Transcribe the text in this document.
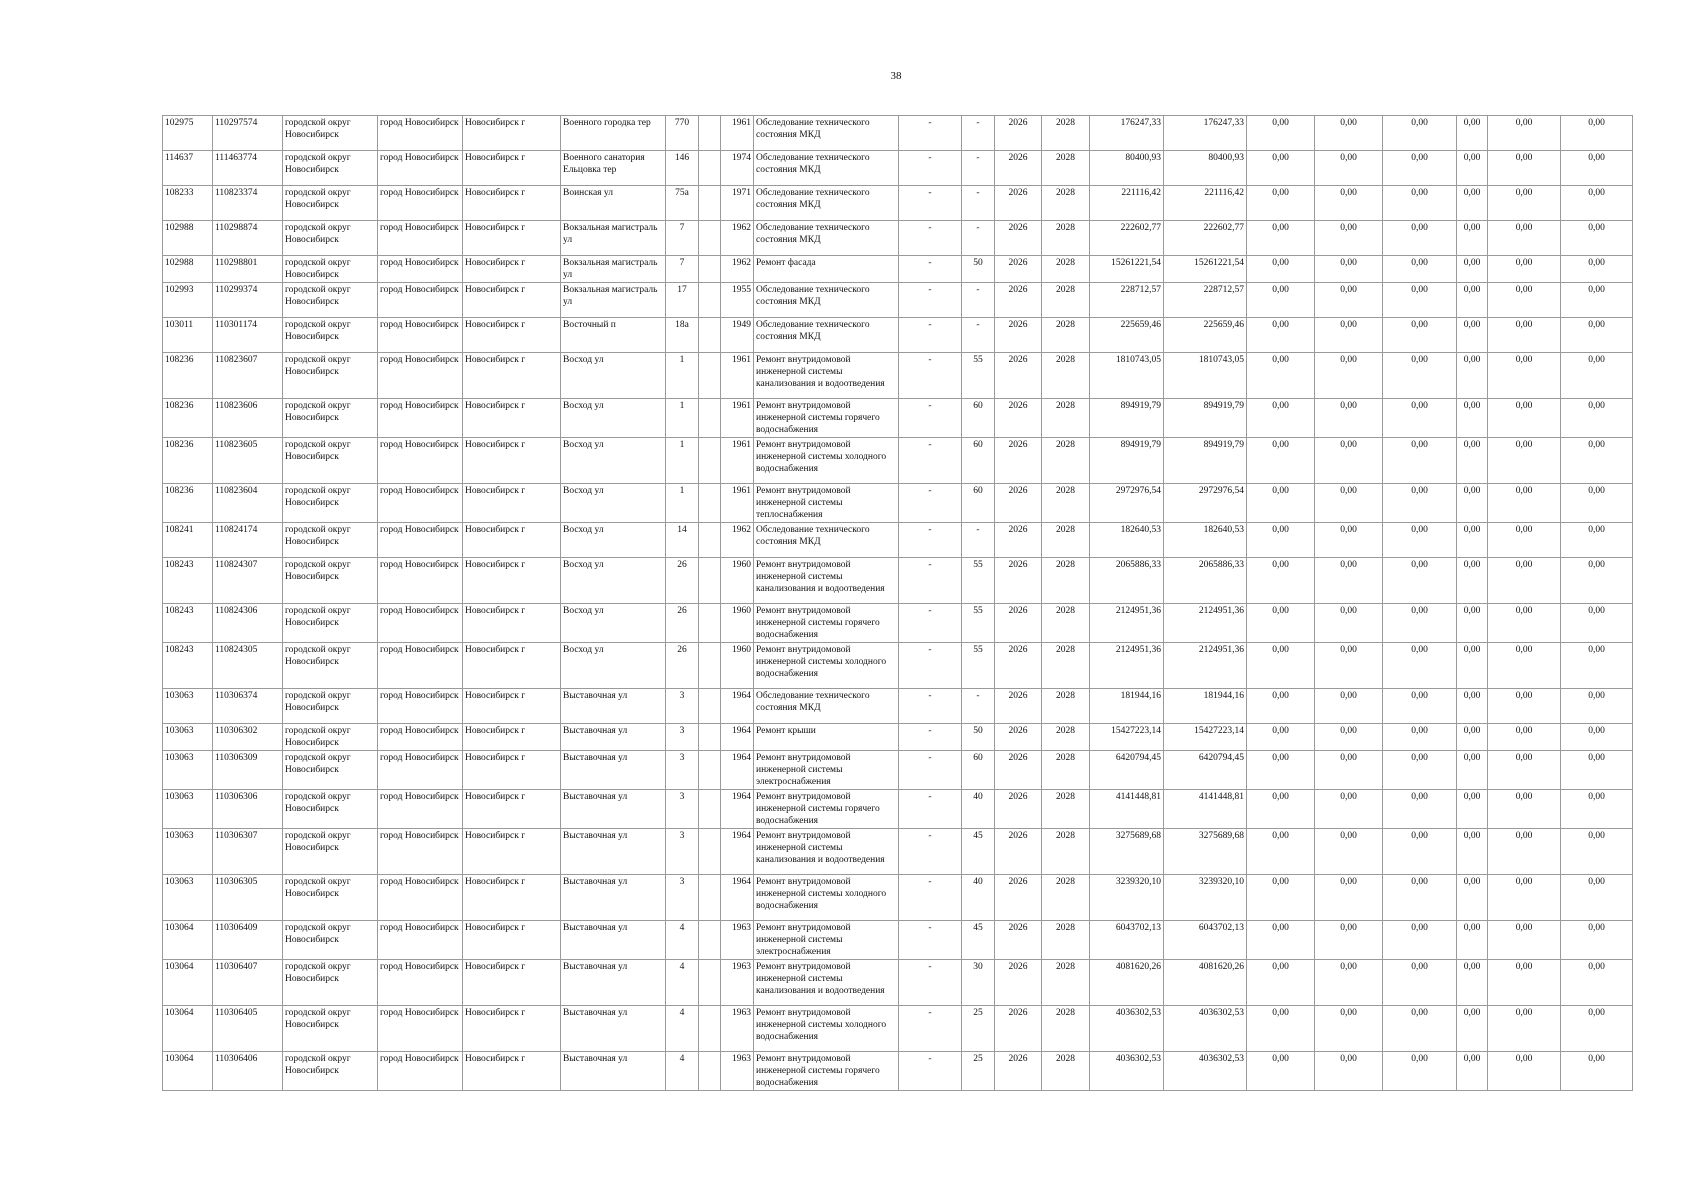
38
102975	110297574	городской округ Новосибирск	город Новосибирск	Новосибирск г	Военного городка тер	770		1961	Обследование технического состояния МКД	-	-	2026	2028	176247,33	176247,33	0,00	0,00	0,00	0,00	0,00	0,00
114637	111463774	городской округ Новосибирск	город Новосибирск	Новосибирск г	Военного санатория Ельцовка тер	146		1974	Обследование технического состояния МКД	-	-	2026	2028	80400,93	80400,93	0,00	0,00	0,00	0,00	0,00	0,00
108233	110823374	городской округ Новосибирск	город Новосибирск	Новосибирск г	Воинская ул	75а		1971	Обследование технического состояния МКД	-	-	2026	2028	221116,42	221116,42	0,00	0,00	0,00	0,00	0,00	0,00
102988	110298874	городской округ Новосибирск	город Новосибирск	Новосибирск г	Вокзальная магистраль ул	7		1962	Обследование технического состояния МКД	-	-	2026	2028	222602,77	222602,77	0,00	0,00	0,00	0,00	0,00	0,00
102988	110298801	городской округ Новосибирск	город Новосибирск	Новосибирск г	Вокзальная магистраль ул	7		1962	Ремонт фасада	-	50	2026	2028	15261221,54	15261221,54	0,00	0,00	0,00	0,00	0,00	0,00
102993	110299374	городской округ Новосибирск	город Новосибирск	Новосибирск г	Вокзальная магистраль ул	17		1955	Обследование технического состояния МКД	-	-	2026	2028	228712,57	228712,57	0,00	0,00	0,00	0,00	0,00	0,00
103011	110301174	городской округ Новосибирск	город Новосибирск	Новосибирск г	Восточный п	18а		1949	Обследование технического состояния МКД	-	-	2026	2028	225659,46	225659,46	0,00	0,00	0,00	0,00	0,00	0,00
108236	110823607	городской округ Новосибирск	город Новосибирск	Новосибирск г	Восход ул	1		1961	Ремонт внутридомовой инженерной системы канализования и водоотведения	-	55	2026	2028	1810743,05	1810743,05	0,00	0,00	0,00	0,00	0,00	0,00
108236	110823606	городской округ Новосибирск	город Новосибирск	Новосибирск г	Восход ул	1		1961	Ремонт внутридомовой инженерной системы горячего водоснабжения	-	60	2026	2028	894919,79	894919,79	0,00	0,00	0,00	0,00	0,00	0,00
108236	110823605	городской округ Новосибирск	город Новосибирск	Новосибирск г	Восход ул	1		1961	Ремонт внутридомовой инженерной системы холодного водоснабжения	-	60	2026	2028	894919,79	894919,79	0,00	0,00	0,00	0,00	0,00	0,00
108236	110823604	городской округ Новосибирск	город Новосибирск	Новосибирск г	Восход ул	1		1961	Ремонт внутридомовой инженерной системы теплоснабжения	-	60	2026	2028	2972976,54	2972976,54	0,00	0,00	0,00	0,00	0,00	0,00
108241	110824174	городской округ Новосибирск	город Новосибирск	Новосибирск г	Восход ул	14		1962	Обследование технического состояния МКД	-	-	2026	2028	182640,53	182640,53	0,00	0,00	0,00	0,00	0,00	0,00
108243	110824307	городской округ Новосибирск	город Новосибирск	Новосибирск г	Восход ул	26		1960	Ремонт внутридомовой инженерной системы канализования и водоотведения	-	55	2026	2028	2065886,33	2065886,33	0,00	0,00	0,00	0,00	0,00	0,00
108243	110824306	городской округ Новосибирск	город Новосибирск	Новосибирск г	Восход ул	26		1960	Ремонт внутридомовой инженерной системы горячего водоснабжения	-	55	2026	2028	2124951,36	2124951,36	0,00	0,00	0,00	0,00	0,00	0,00
108243	110824305	городской округ Новосибирск	город Новосибирск	Новосибирск г	Восход ул	26		1960	Ремонт внутридомовой инженерной системы холодного водоснабжения	-	55	2026	2028	2124951,36	2124951,36	0,00	0,00	0,00	0,00	0,00	0,00
103063	110306374	городской округ Новосибирск	город Новосибирск	Новосибирск г	Выставочная ул	3		1964	Обследование технического состояния МКД	-	-	2026	2028	181944,16	181944,16	0,00	0,00	0,00	0,00	0,00	0,00
103063	110306302	городской округ Новосибирск	город Новосибирск	Новосибирск г	Выставочная ул	3		1964	Ремонт крыши	-	50	2026	2028	15427223,14	15427223,14	0,00	0,00	0,00	0,00	0,00	0,00
103063	110306309	городской округ Новосибирск	город Новосибирск	Новосибирск г	Выставочная ул	3		1964	Ремонт внутридомовой инженерной системы электроснабжения	-	60	2026	2028	6420794,45	6420794,45	0,00	0,00	0,00	0,00	0,00	0,00
103063	110306306	городской округ Новосибирск	город Новосибирск	Новосибирск г	Выставочная ул	3		1964	Ремонт внутридомовой инженерной системы горячего водоснабжения	-	40	2026	2028	4141448,81	4141448,81	0,00	0,00	0,00	0,00	0,00	0,00
103063	110306307	городской округ Новосибирск	город Новосибирск	Новосибирск г	Выставочная ул	3		1964	Ремонт внутридомовой инженерной системы канализования и водоотведения	-	45	2026	2028	3275689,68	3275689,68	0,00	0,00	0,00	0,00	0,00	0,00
103063	110306305	городской округ Новосибирск	город Новосибирск	Новосибирск г	Выставочная ул	3		1964	Ремонт внутридомовой инженерной системы холодного водоснабжения	-	40	2026	2028	3239320,10	3239320,10	0,00	0,00	0,00	0,00	0,00	0,00
103064	110306409	городской округ Новосибирск	город Новосибирск	Новосибирск г	Выставочная ул	4		1963	Ремонт внутридомовой инженерной системы электроснабжения	-	45	2026	2028	6043702,13	6043702,13	0,00	0,00	0,00	0,00	0,00	0,00
103064	110306407	городской округ Новосибирск	город Новосибирск	Новосибирск г	Выставочная ул	4		1963	Ремонт внутридомовой инженерной системы канализования и водоотведения	-	30	2026	2028	4081620,26	4081620,26	0,00	0,00	0,00	0,00	0,00	0,00
103064	110306405	городской округ Новосибирск	город Новосибирск	Новосибирск г	Выставочная ул	4		1963	Ремонт внутридомовой инженерной системы холодного водоснабжения	-	25	2026	2028	4036302,53	4036302,53	0,00	0,00	0,00	0,00	0,00	0,00
103064	110306406	городской округ Новосибирск	город Новосибирск	Новосибирск г	Выставочная ул	4		1963	Ремонт внутридомовой инженерной системы горячего водоснабжения	-	25	2026	2028	4036302,53	4036302,53	0,00	0,00	0,00	0,00	0,00	0,00
